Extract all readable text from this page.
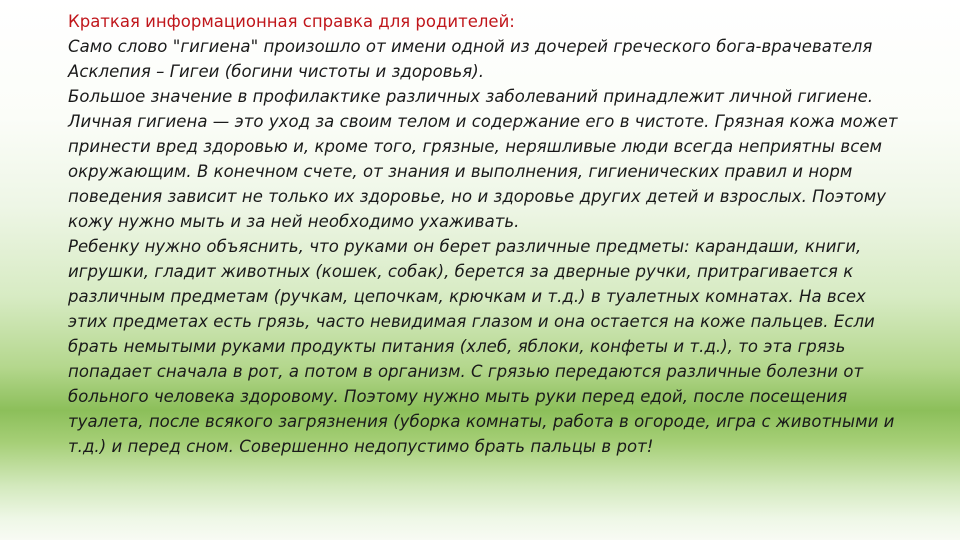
Краткая информационная справка для родителей:

Само слово "гигиена" произошло от имени одной из дочерей греческого бога-врачевателя Асклепия – Гигеи (богини чистоты и здоровья).

Большое значение в профилактике различных заболеваний принадлежит личной гигиене. Личная гигиена — это уход за своим телом и содержание его в чистоте. Грязная кожа может принести вред здоровью и, кроме того, грязные, неряшливые люди всегда неприятны всем окружающим. В конечном счете, от знания и выполнения, гигиенических правил и норм поведения зависит не только их здоровье, но и здоровье других детей и взрослых. Поэтому кожу нужно мыть и за ней необходимо ухаживать.

Ребенку нужно объяснить, что руками он берет различные предметы: карандаши, книги, игрушки, гладит животных (кошек, собак), берется за дверные ручки, притрагивается к различным предметам (ручкам, цепочкам, крючкам и т.д.) в туалетных комнатах. На всех этих предметах есть грязь, часто невидимая глазом и она остается на коже пальцев. Если брать немытыми руками продукты питания (хлеб, яблоки, конфеты и т.д.), то эта грязь попадает сначала в рот, а потом в организм. С грязью передаются различные болезни от больного человека здоровому. Поэтому нужно мыть руки перед едой, после посещения туалета, после всякого загрязнения (уборка комнаты, работа в огороде, игра с животными и т.д.) и перед сном. Совершенно недопустимо брать пальцы в рот!
